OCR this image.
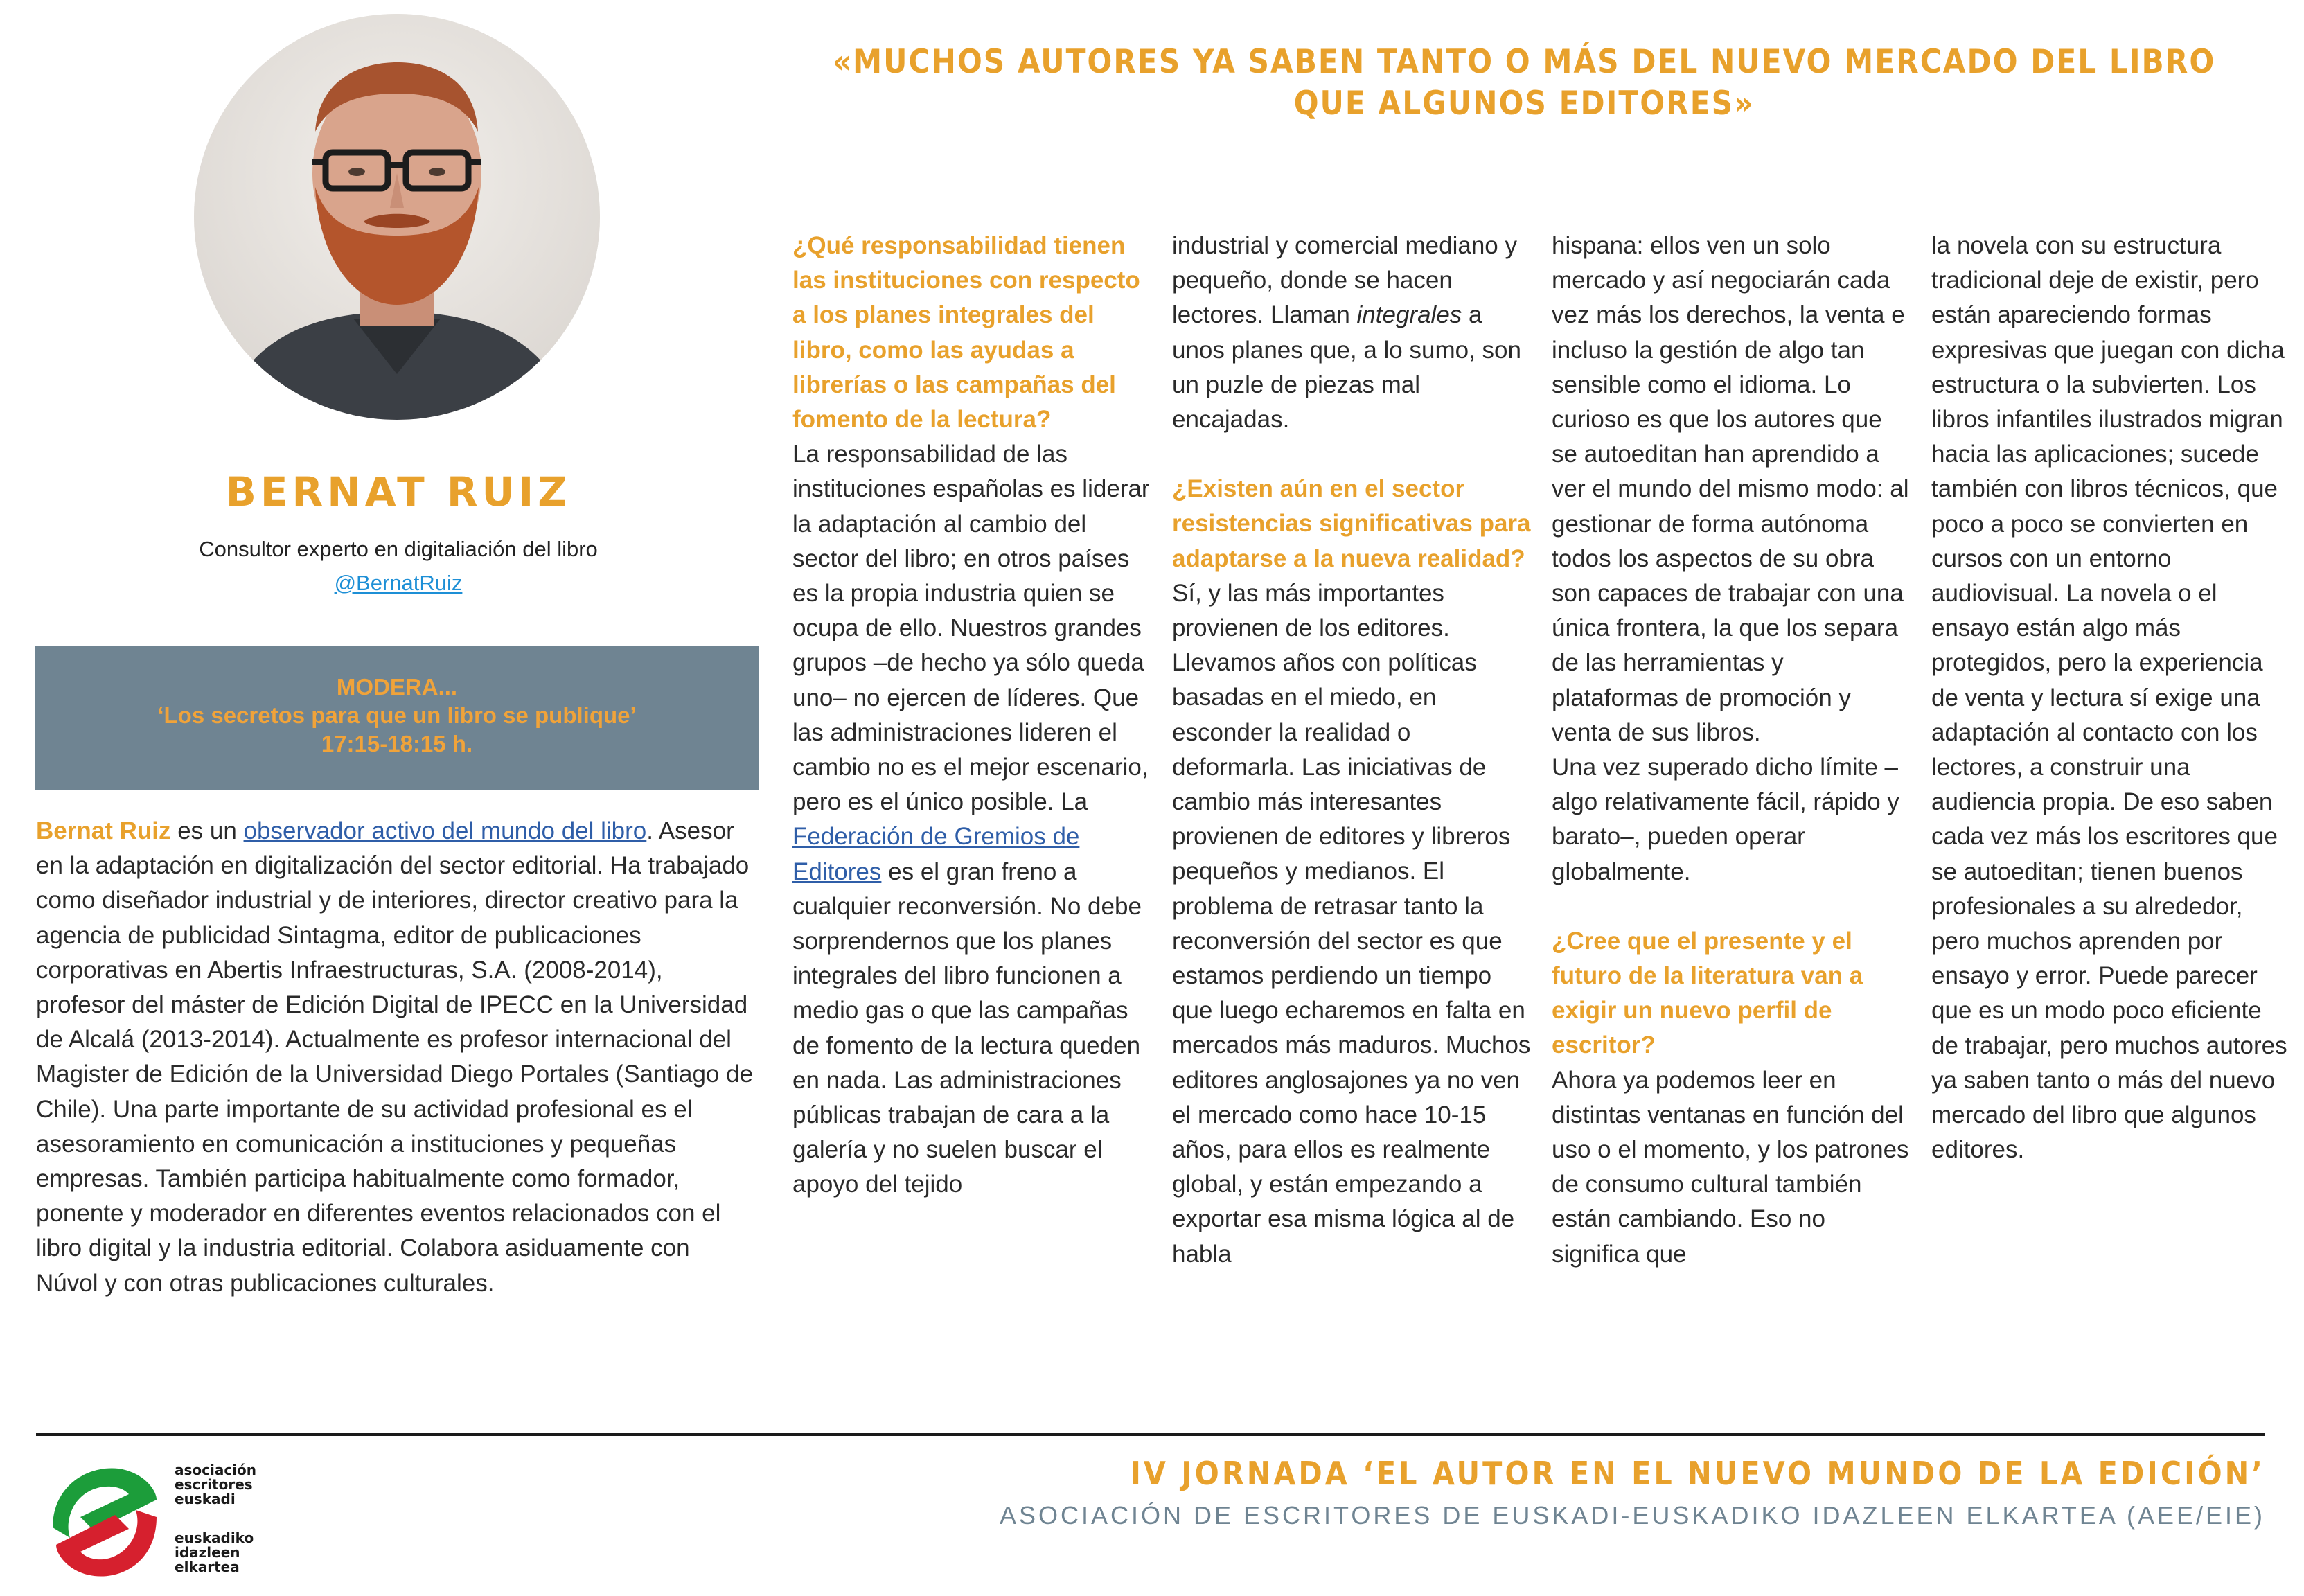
«MUCHOS AUTORES YA SABEN TANTO O MÁS DEL NUEVO MERCADO DEL LIBRO
QUE ALGUNOS EDITORES»
BERNAT RUIZ
Consultor experto en digitaliación del libro
@BernatRuiz
MODERA...
‘Los secretos para que un libro se publique’
17:15-18:15 h.
Bernat Ruiz es un observador activo del mundo del libro. Asesor en la adaptación en digitalización del sector editorial. Ha trabajado como diseñador industrial y de interiores, director creativo para la agencia de publicidad Sintagma, editor de publicaciones corporativas en Abertis Infraestructuras, S.A. (2008-2014), profesor del máster de Edición Digital de IPECC en la Universidad de Alcalá (2013-2014). Actualmente es profesor internacional del Magister de Edición de la Universidad Diego Portales (Santiago de Chile). Una parte importante de su actividad profesional es el asesoramiento en comunicación a instituciones y pequeñas empresas. También participa habitualmente como formador, ponente y moderador en diferentes eventos relacionados con el libro digital y la industria editorial. Colabora asiduamente con Núvol y con otras publicaciones culturales.
¿Qué responsabilidad tienen las instituciones con respecto a los planes integrales del libro, como las ayudas a librerías o las campañas del fomento de la lectura?
La responsabilidad de las instituciones españolas es liderar la adaptación al cambio del sector del libro; en otros países es la propia industria quien se ocupa de ello. Nuestros grandes grupos –de hecho ya sólo queda uno– no ejercen de líderes. Que las administraciones lideren el cambio no es el mejor escenario, pero es el único posible. La Federación de Gremios de Editores es el gran freno a cualquier reconversión. No debe sorprendernos que los planes integrales del libro funcionen a medio gas o que las campañas de fomento de la lectura queden en nada. Las administraciones públicas trabajan de cara a la galería y no suelen buscar el apoyo del tejido
industrial y comercial mediano y pequeño, donde se hacen lectores. Llaman integrales a unos planes que, a lo sumo, son un puzle de piezas mal encajadas.
¿Existen aún en el sector resistencias significativas para adaptarse a la nueva realidad?
Sí, y las más importantes provienen de los editores. Llevamos años con políticas basadas en el miedo, en esconder la realidad o deformarla. Las iniciativas de cambio más interesantes provienen de editores y libreros pequeños y medianos. El problema de retrasar tanto la reconversión del sector es que estamos perdiendo un tiempo que luego echaremos en falta en mercados más maduros. Muchos editores anglosajones ya no ven el mercado como hace 10-15 años, para ellos es realmente global, y están empezando a exportar esa misma lógica al de habla
hispana: ellos ven un solo mercado y así negociarán cada vez más los derechos, la venta e incluso la gestión de algo tan sensible como el idioma. Lo curioso es que los autores que se autoeditan han aprendido a ver el mundo del mismo modo: al gestionar de forma autónoma todos los aspectos de su obra son capaces de trabajar con una única frontera, la que los separa de las herramientas y plataformas de promoción y venta de sus libros.
Una vez superado dicho límite –algo relativamente fácil, rápido y barato–, pueden operar globalmente.
¿Cree que el presente y el futuro de la literatura van a exigir un nuevo perfil de escritor?
Ahora ya podemos leer en distintas ventanas en función del uso o el momento, y los patrones de consumo cultural también están cambiando. Eso no significa que
la novela con su estructura tradicional deje de existir, pero están apareciendo formas expresivas que juegan con dicha estructura o la subvierten. Los libros infantiles ilustrados migran hacia las aplicaciones; sucede también con libros técnicos, que poco a poco se convierten en cursos con un entorno audiovisual. La novela o el ensayo están algo más protegidos, pero la experiencia de venta y lectura sí exige una adaptación al contacto con los lectores, a construir una audiencia propia. De eso saben cada vez más los escritores que se autoeditan; tienen buenos profesionales a su alrededor, pero muchos aprenden por ensayo y error. Puede parecer que es un modo poco eficiente de trabajar, pero muchos autores ya saben tanto o más del nuevo mercado del libro que algunos editores.
asociación
escritores
euskadi
euskadiko
idazleen
elkartea
IV JORNADA ‘EL AUTOR EN EL NUEVO MUNDO DE LA EDICIÓN’
ASOCIACIÓN DE ESCRITORES DE EUSKADI-EUSKADIKO IDAZLEEN ELKARTEA (AEE/EIE)
